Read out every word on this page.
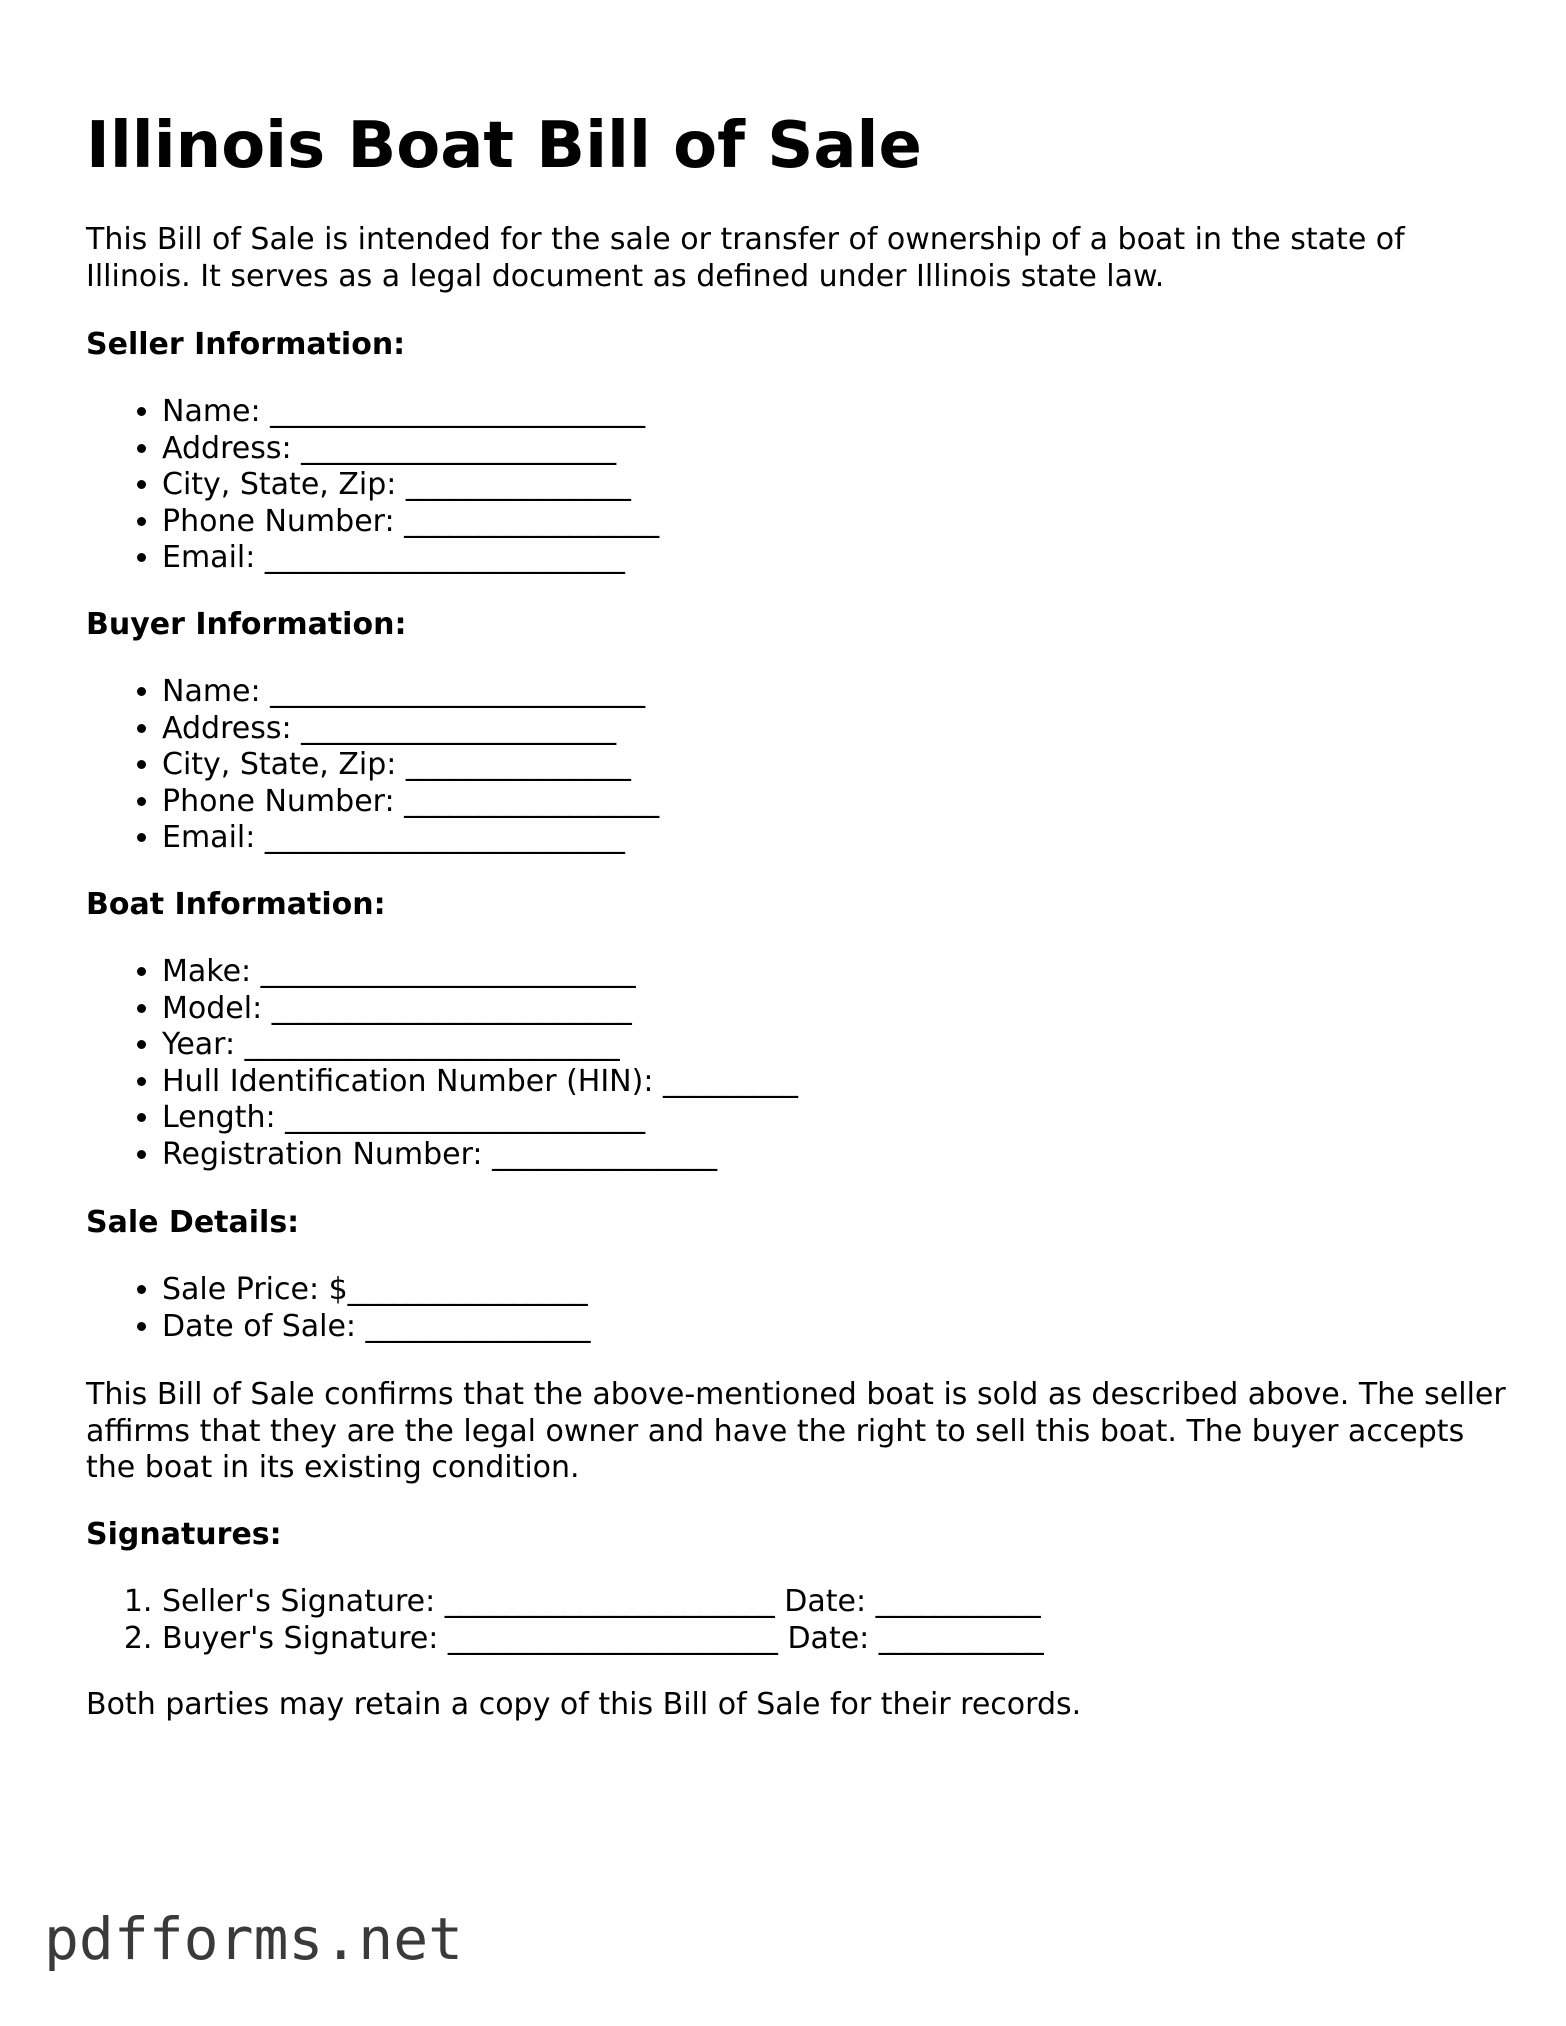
Illinois Boat Bill of Sale

This Bill of Sale is intended for the sale or transfer of ownership of a boat in the state of Illinois. It serves as a legal document as defined under Illinois state law.

Seller Information:

• Name: _________________________
• Address: _____________________
• City, State, Zip: _______________
• Phone Number: _________________
• Email: ________________________

Buyer Information:

• Name: _________________________
• Address: _____________________
• City, State, Zip: _______________
• Phone Number: _________________
• Email: ________________________

Boat Information:

• Make: _________________________
• Model: ________________________
• Year: _________________________
• Hull Identification Number (HIN): _________
• Length: ________________________
• Registration Number: _______________

Sale Details:

• Sale Price: $________________
• Date of Sale: _______________

This Bill of Sale confirms that the above-mentioned boat is sold as described above. The seller affirms that they are the legal owner and have the right to sell this boat. The buyer accepts the boat in its existing condition.

Signatures:

1. Seller's Signature: ______________________ Date: ___________
2. Buyer's Signature: ______________________ Date: ___________

Both parties may retain a copy of this Bill of Sale for their records.

pdfforms.net
